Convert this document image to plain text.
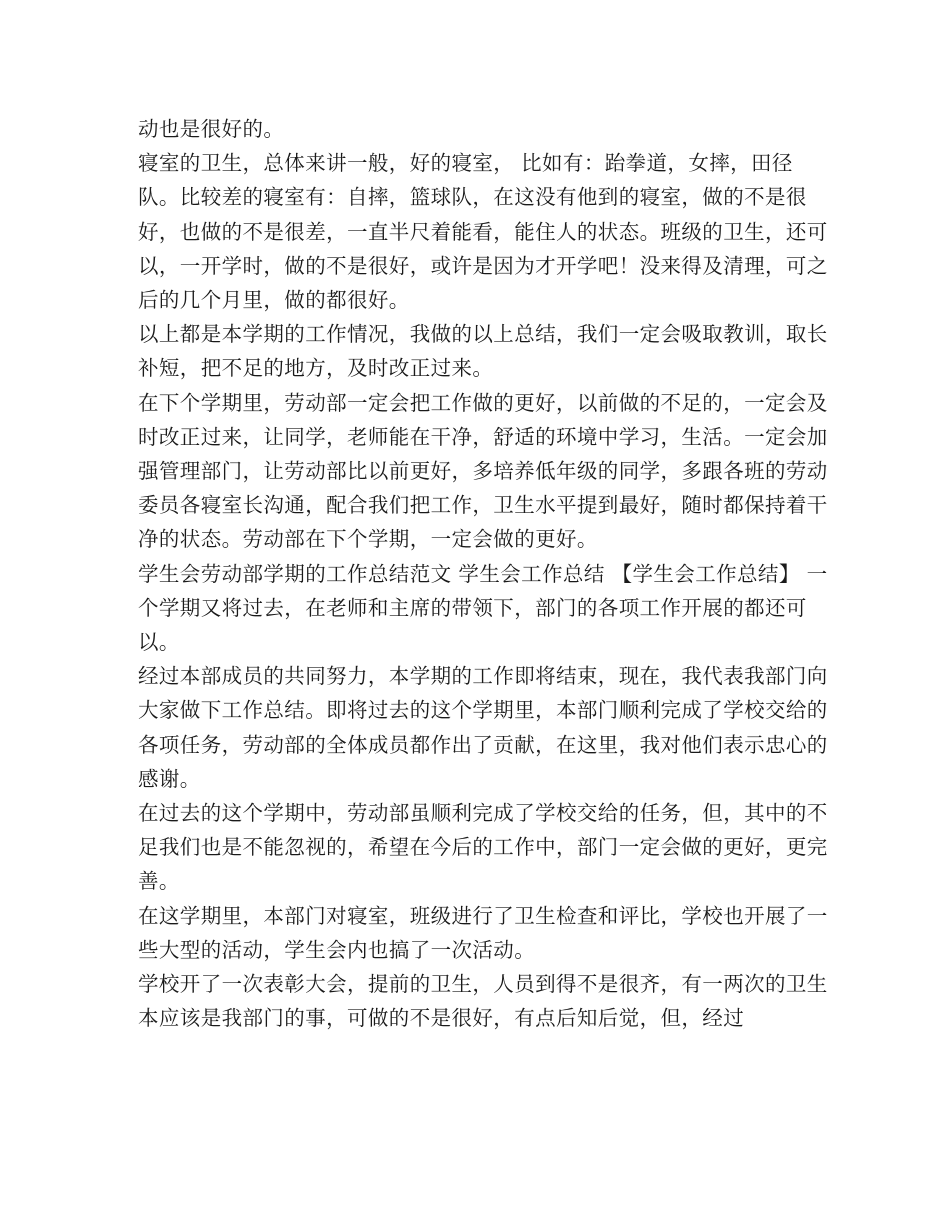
动也是很好的。

寝室的卫生，总体来讲一般，好的寝室， 比如有：跆拳道，女摔，田径队。比较差的寝室有：自摔，篮球队，在这没有他到的寝室，做的不是很好，也做的不是很差，一直半尺着能看，能住人的状态。班级的卫生，还可以，一开学时，做的不是很好，或许是因为才开学吧！没来得及清理，可之后的几个月里，做的都很好。

以上都是本学期的工作情况，我做的以上总结，我们一定会吸取教训，取长补短，把不足的地方，及时改正过来。

在下个学期里，劳动部一定会把工作做的更好，以前做的不足的，一定会及时改正过来，让同学，老师能在干净，舒适的环境中学习，生活。一定会加强管理部门，让劳动部比以前更好，多培养低年级的同学，多跟各班的劳动委员各寝室长沟通，配合我们把工作，卫生水平提到最好，随时都保持着干净的状态。劳动部在下个学期，一定会做的更好。

学生会劳动部学期的工作总结范文 学生会工作总结 【学生会工作总结】 一个学期又将过去，在老师和主席的带领下，部门的各项工作开展的都还可以。

经过本部成员的共同努力，本学期的工作即将结束，现在，我代表我部门向大家做下工作总结。即将过去的这个学期里，本部门顺利完成了学校交给的各项任务，劳动部的全体成员都作出了贡献，在这里，我对他们表示忠心的感谢。

在过去的这个学期中，劳动部虽顺利完成了学校交给的任务，但，其中的不足我们也是不能忽视的，希望在今后的工作中，部门一定会做的更好，更完善。

在这学期里，本部门对寝室，班级进行了卫生检查和评比，学校也开展了一些大型的活动，学生会内也搞了一次活动。

学校开了一次表彰大会，提前的卫生，人员到得不是很齐，有一两次的卫生本应该是我部门的事，可做的不是很好，有点后知后觉，但，经过
